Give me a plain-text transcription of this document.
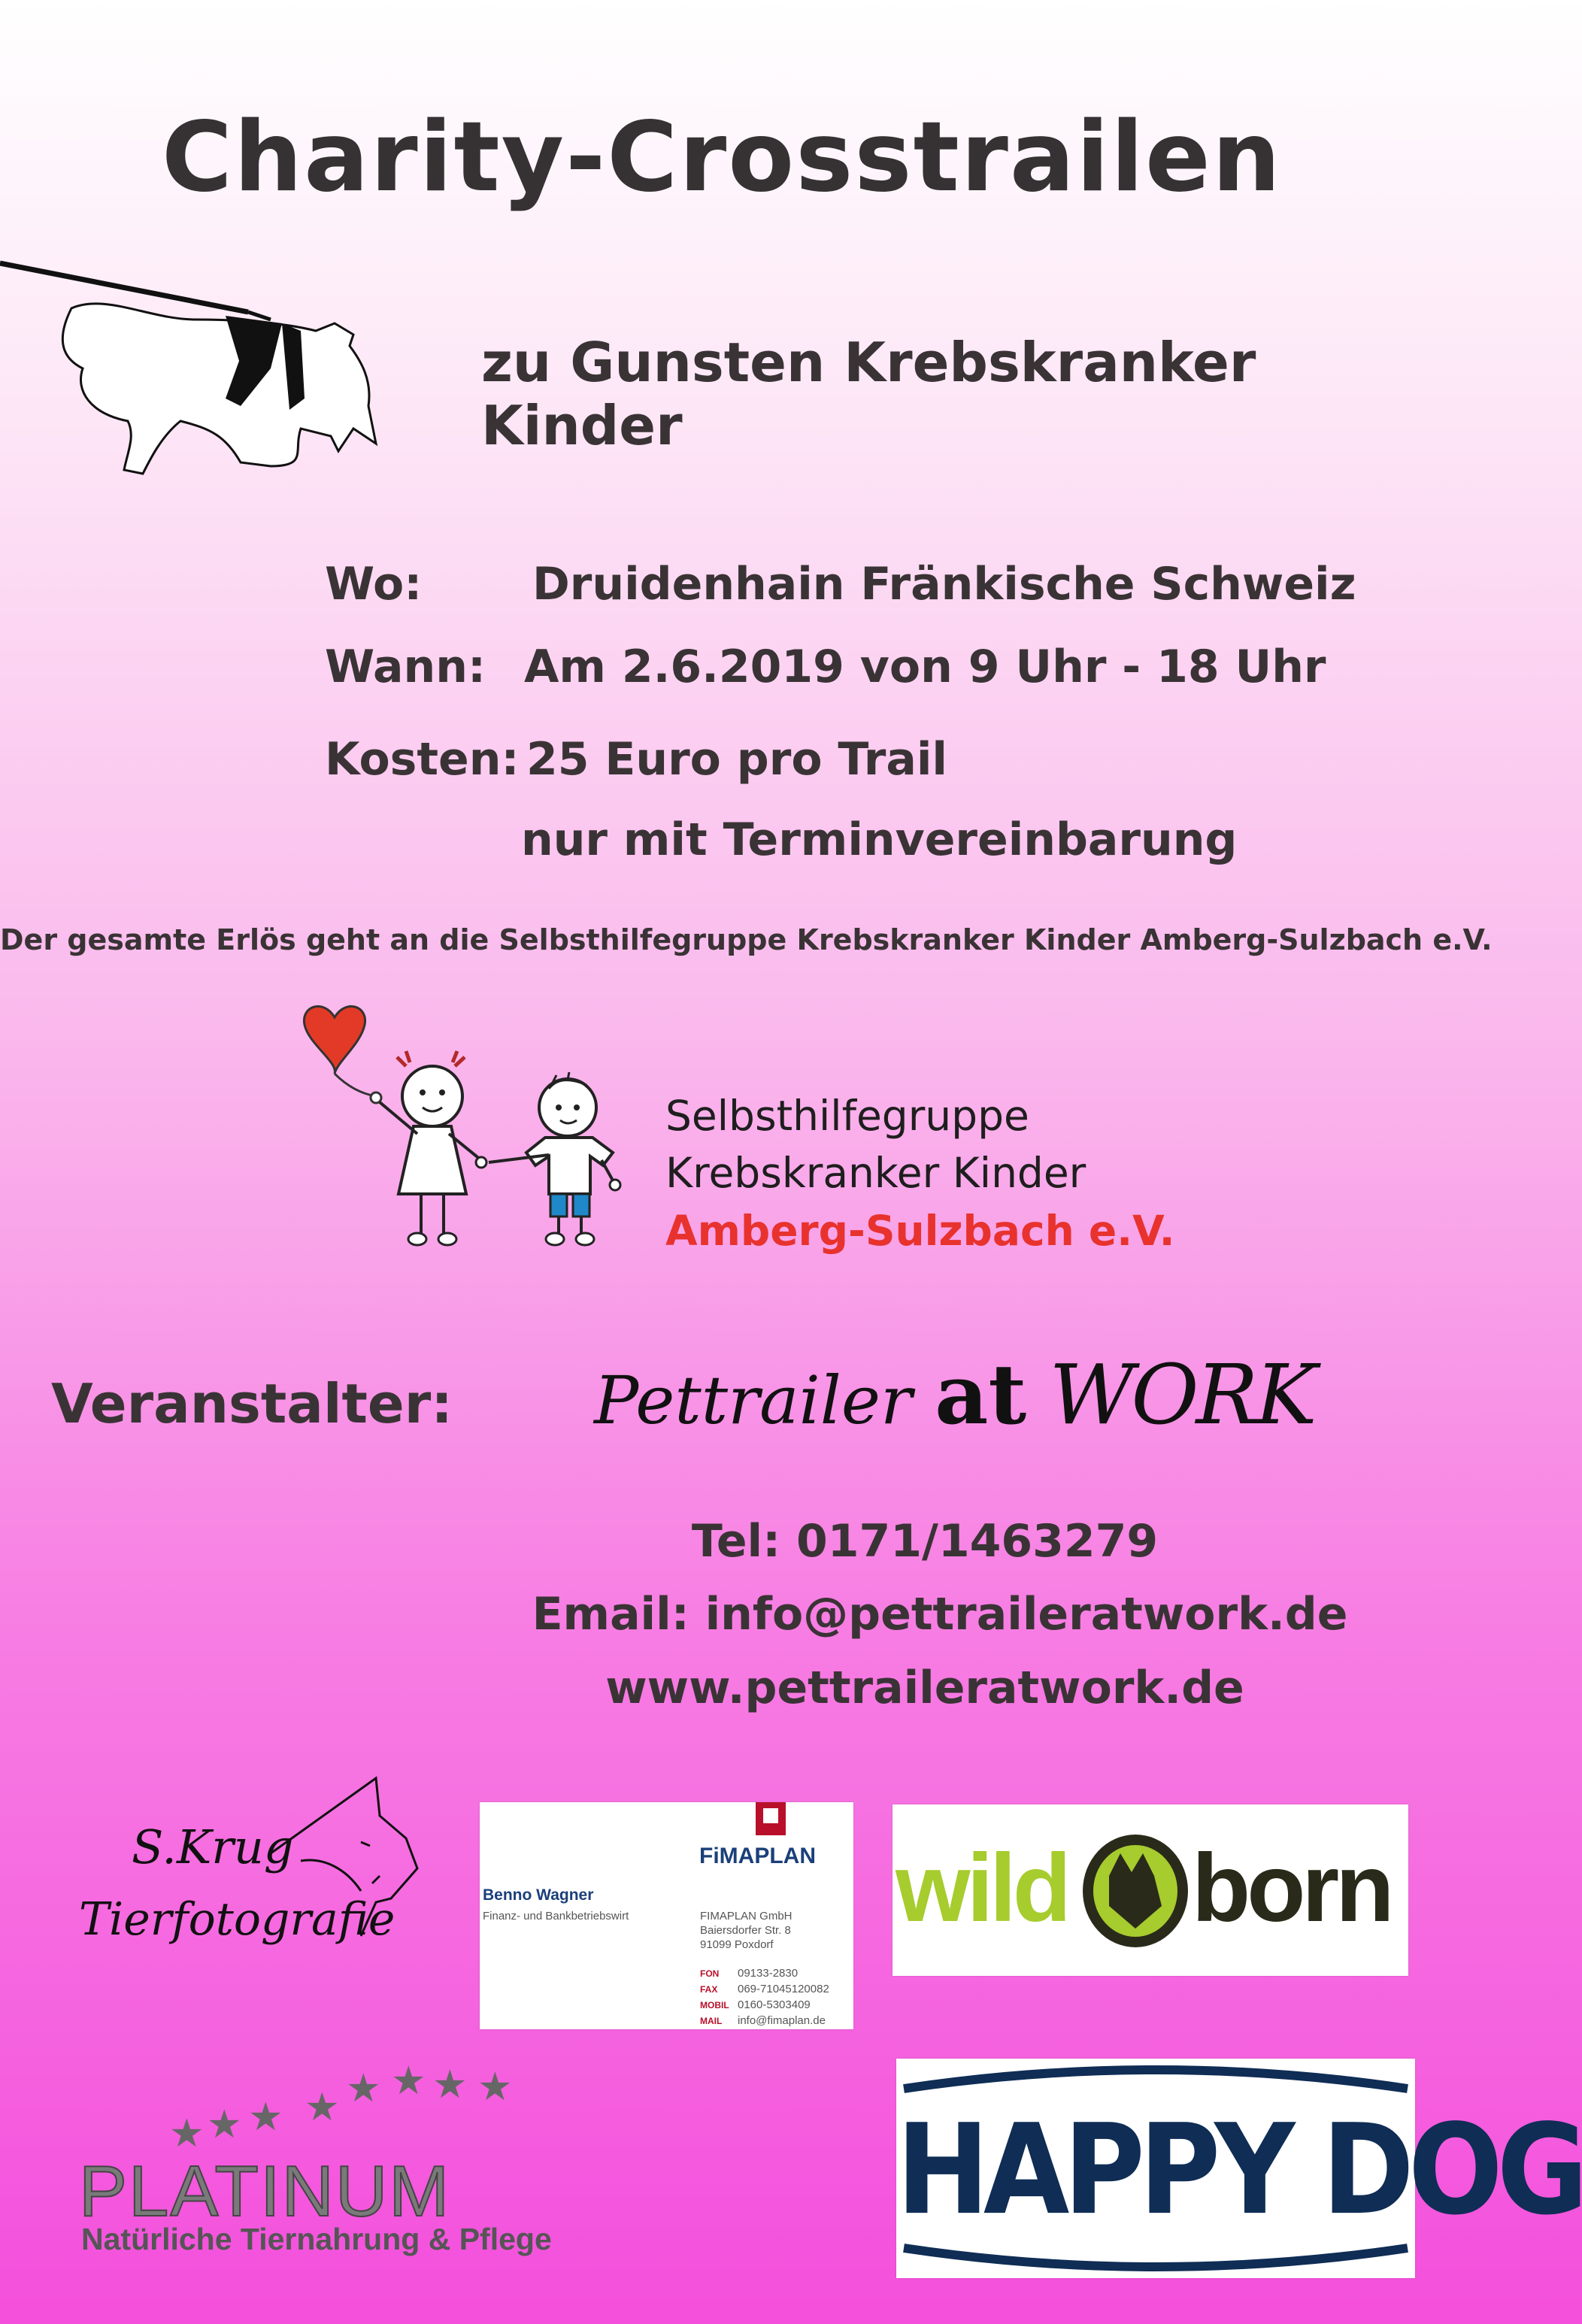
Charity-Crosstrailen
zu Gunsten Krebskranker Kinder
Wo: Druidenhain Fränkische Schweiz
Wann: Am 2.6.2019 von 9 Uhr - 18 Uhr
Kosten: 25 Euro pro Trail
nur mit Terminvereinbarung
Der gesamte Erlös geht an die Selbsthilfegruppe Krebskranker Kinder Amberg-Sulzbach e.V.
Selbsthilfegruppe
Krebskranker Kinder
Amberg-Sulzbach e.V.
Veranstalter: Pettrailer at WORK
Tel: 0171/1463279
Email: info@pettraileratwork.de
www.pettraileratwork.de
S.Krug
Tierfotografie
FiMAPLAN
Benno Wagner
Finanz- und Bankbetriebswirt	FIMAPLAN GmbH
Baiersdorfer Str. 8
91099 Poxdorf
FON 09133-2830
FAX 069-71045120082
MOBIL 0160-5303409
MAIL info@fimaplan.de
wild born
★ ★ ★ ★ ★ ★ ★ ★
PLATINUM
Natürliche Tiernahrung & Pflege	HAPPY DOG
